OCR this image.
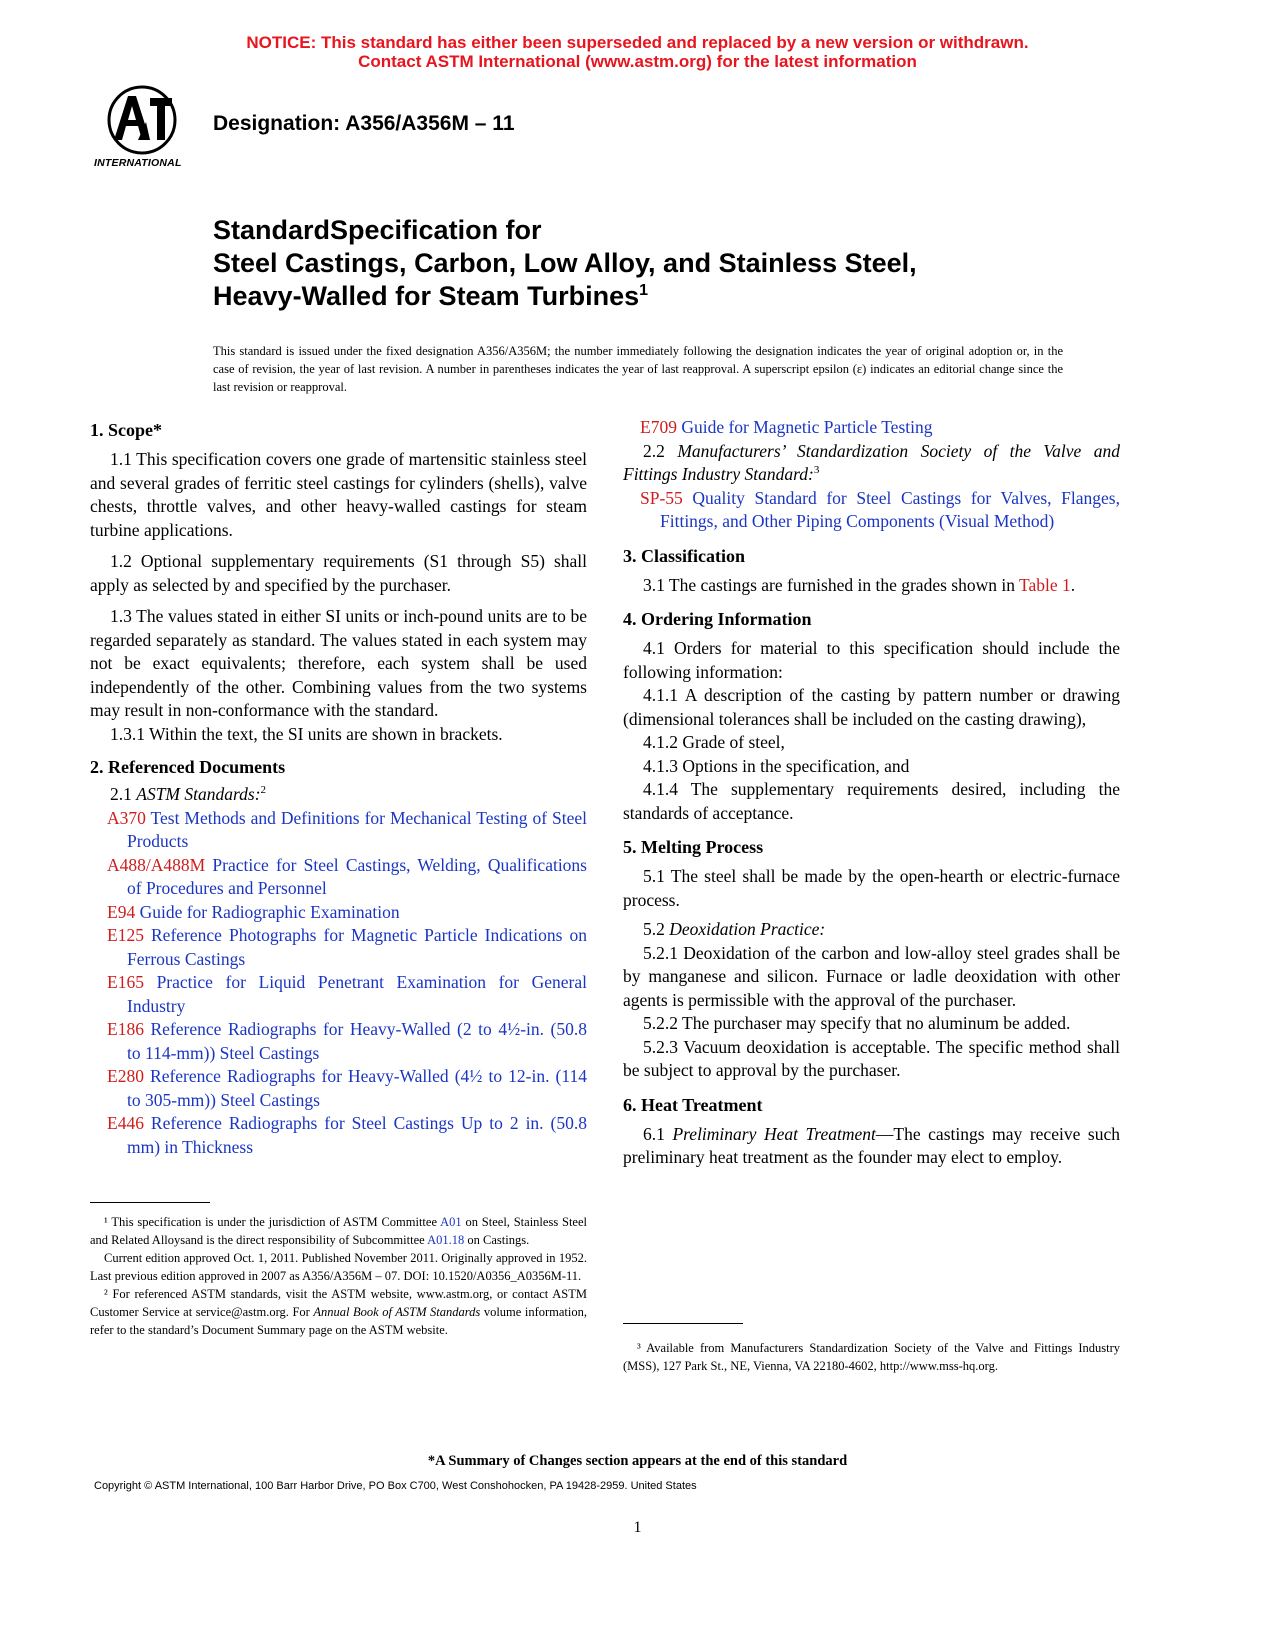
NOTICE: This standard has either been superseded and replaced by a new version or withdrawn.
Contact ASTM International (www.astm.org) for the latest information
INTERNATIONAL
Designation: A356/A356M – 11
StandardSpecification for
Steel Castings, Carbon, Low Alloy, and Stainless Steel,
Heavy-Walled for Steam Turbines$^1$
This standard is issued under the fixed designation A356/A356M; the number immediately following the designation indicates the year of original adoption or, in the case of revision, the year of last revision. A number in parentheses indicates the year of last reapproval. A superscript epsilon (ε) indicates an editorial change since the last revision or reapproval.
1. Scope*

1.1 This specification covers one grade of martensitic stainless steel and several grades of ferritic steel castings for cylinders (shells), valve chests, throttle valves, and other heavy-walled castings for steam turbine applications.

1.2 Optional supplementary requirements (S1 through S5) shall apply as selected by and specified by the purchaser.

1.3 The values stated in either SI units or inch-pound units are to be regarded separately as standard. The values stated in each system may not be exact equivalents; therefore, each system shall be used independently of the other. Combining values from the two systems may result in non-conformance with the standard.

1.3.1 Within the text, the SI units are shown in brackets.

2. Referenced Documents

2.1 ASTM Standards:$^2$

A370 Test Methods and Definitions for Mechanical Testing of Steel Products

A488/A488M Practice for Steel Castings, Welding, Qualifications of Procedures and Personnel

E94 Guide for Radiographic Examination

E125 Reference Photographs for Magnetic Particle Indications on Ferrous Castings

E165 Practice for Liquid Penetrant Examination for General Industry

E186 Reference Radiographs for Heavy-Walled (2 to 4½-in. (50.8 to 114-mm)) Steel Castings

E280 Reference Radiographs for Heavy-Walled (4½ to 12-in. (114 to 305-mm)) Steel Castings

E446 Reference Radiographs for Steel Castings Up to 2 in. (50.8 mm) in Thickness

¹ This specification is under the jurisdiction of ASTM Committee A01 on Steel, Stainless Steel and Related Alloysand is the direct responsibility of Subcommittee A01.18 on Castings.

Current edition approved Oct. 1, 2011. Published November 2011. Originally approved in 1952. Last previous edition approved in 2007 as A356/A356M – 07. DOI: 10.1520/A0356_A0356M-11.

² For referenced ASTM standards, visit the ASTM website, www.astm.org, or contact ASTM Customer Service at service@astm.org. For Annual Book of ASTM Standards volume information, refer to the standard’s Document Summary page on the ASTM website.

E709 Guide for Magnetic Particle Testing

2.2 Manufacturers’ Standardization Society of the Valve and Fittings Industry Standard:$^3$

SP-55 Quality Standard for Steel Castings for Valves, Flanges, Fittings, and Other Piping Components (Visual Method)

3. Classification

3.1 The castings are furnished in the grades shown in Table 1.

4. Ordering Information

4.1 Orders for material to this specification should include the following information:

4.1.1 A description of the casting by pattern number or drawing (dimensional tolerances shall be included on the casting drawing),

4.1.2 Grade of steel,

4.1.3 Options in the specification, and

4.1.4 The supplementary requirements desired, including the standards of acceptance.

5. Melting Process

5.1 The steel shall be made by the open-hearth or electric-furnace process.

5.2 Deoxidation Practice:

5.2.1 Deoxidation of the carbon and low-alloy steel grades shall be by manganese and silicon. Furnace or ladle deoxidation with other agents is permissible with the approval of the purchaser.

5.2.2 The purchaser may specify that no aluminum be added.

5.2.3 Vacuum deoxidation is acceptable. The specific method shall be subject to approval by the purchaser.

6. Heat Treatment

6.1 Preliminary Heat Treatment—The castings may receive such preliminary heat treatment as the founder may elect to employ.

³ Available from Manufacturers Standardization Society of the Valve and Fittings Industry (MSS), 127 Park St., NE, Vienna, VA 22180-4602, http://www.mss-hq.org.

*A Summary of Changes section appears at the end of this standard
Copyright © ASTM International, 100 Barr Harbor Drive, PO Box C700, West Conshohocken, PA 19428-2959. United States
1
